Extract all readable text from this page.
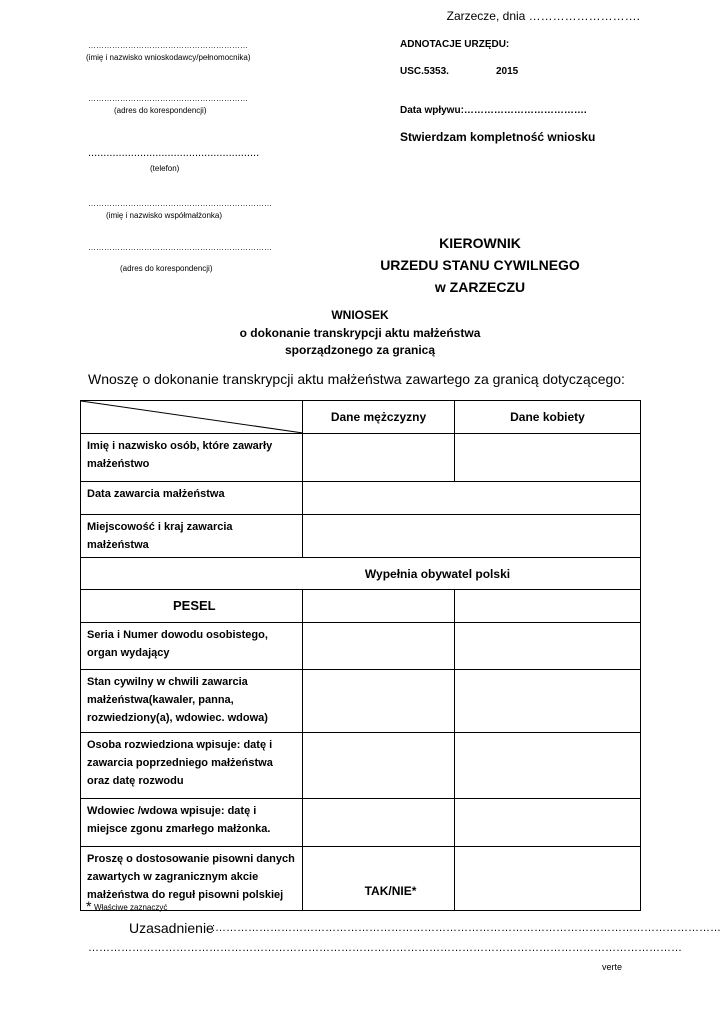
Zarzecze, dnia ……………………….
……………………………………………………
(imię i nazwisko wnioskodawcy/pełnomocnika)
……………………………………………………
(adres do korespondencji)
........................................................
(telefon)
……………………………………………………………
(imię i nazwisko współmałżonka)
……………………………………………………………
(adres do korespondencji)
ADNOTACJE URZĘDU:
USC.5353.	2015
Data wpływu:……………………………….
Stwierdzam kompletność wniosku
KIEROWNIK
URZEDU STANU CYWILNEGO
w ZARZECZU
WNIOSEK
o dokonanie transkrypcji aktu małżeństwa
sporządzonego za granicą
Wnoszę o dokonanie transkrypcji aktu małżeństwa zawartego za granicą dotyczącego:
	Dane mężczyzny	Dane kobiety
Imię i nazwisko osób, które zawarły małżeństwo		
Data zawarcia małżeństwa		
Miejscowość i kraj zawarcia małżeństwa		
Wypełnia obywatel polski		
PESEL		
Seria i Numer dowodu osobistego, organ wydający		
Stan cywilny w chwili zawarcia małżeństwa(kawaler, panna, rozwiedziony(a), wdowiec. wdowa)		
Osoba rozwiedziona wpisuje: datę i zawarcia poprzedniego małżeństwa oraz datę rozwodu		
Wdowiec /wdowa wpisuje: datę i miejsce zgonu zmarłego małżonka.		
Proszę o dostosowanie pisowni danych zawartych w zagranicznym akcie małżeństwa do reguł pisowni polskiej	TAK/NIE*	
* Właściwe zaznaczyć
Uzasadnienie
:…………………………………………………………………………………………………………………………
………………………………………………………………………………………………………………………………………………
verte
